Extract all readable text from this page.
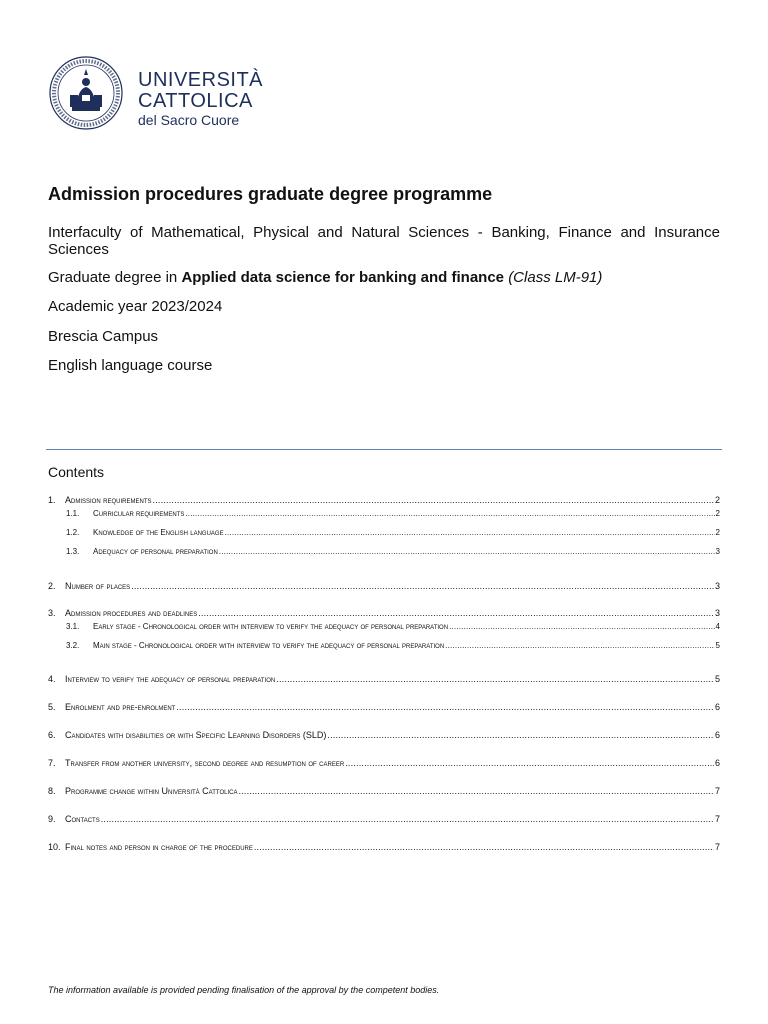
UNIVERSITÀ
CATTOLICA
del Sacro Cuore
Admission procedures graduate degree programme
Interfaculty of Mathematical, Physical and Natural Sciences - Banking, Finance and Insurance Sciences
Graduate degree in Applied data science for banking and finance (Class LM-91)
Academic year 2023/2024
Brescia Campus
English language course
Contents
1.	Admission requirements .....	2
1.1.	Curricular requirements .....	2
1.2.	Knowledge of the English language .....	2
1.3.	Adequacy of personal preparation .....	3
2.	Number of places .....	3
3.	Admission procedures and deadlines .....	3
3.1.	Early stage - Chronological order with interview to verify the adequacy of personal preparation .....	4
3.2.	Main stage - Chronological order with interview to verify the adequacy of personal preparation .....	5
4.	Interview to verify the adequacy of personal preparation .....	5
5.	Enrolment and pre-enrolment .....	6
6.	Candidates with disabilities or with Specific Learning Disorders (SLD) .....	6
7.	Transfer from another university, second degree and resumption of career .....	6
8.	Programme change within Università Cattolica .....	7
9.	Contacts .....	7
10. Final notes and person in charge of the procedure .....	7
The information available is provided pending finalisation of the approval by the competent bodies.
